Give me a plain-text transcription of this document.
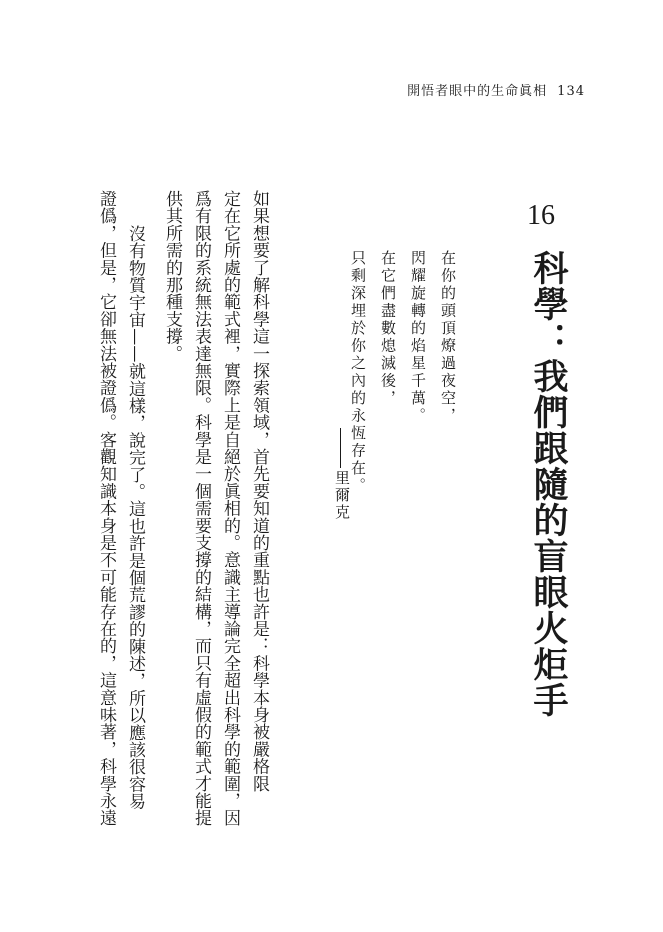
開悟者眼中的生命眞相 134
16
科學：我們跟隨的盲眼火炬手
在你的頭頂燎過夜空，
閃耀旋轉的焰星千萬。
在它們盡數熄滅後，
只剩深埋於你之內的永恆存在。
里爾克
如果想要了解科學這一探索領域，首先要知道的重點也許是：科學本身被嚴格限
定在它所處的範式裡，實際上是自絕於眞相的。意識主導論完全超出科學的範圍，因
爲有限的系統無法表達無限。科學是一個需要支撐的結構，而只有虛假的範式才能提
供其所需的那種支撐。
沒有物質宇宙——就這樣，說完了。這也許是個荒謬的陳述，所以應該很容易
證僞，但是，它卻無法被證僞。客觀知識本身是不可能存在的，這意味著，科學永遠
